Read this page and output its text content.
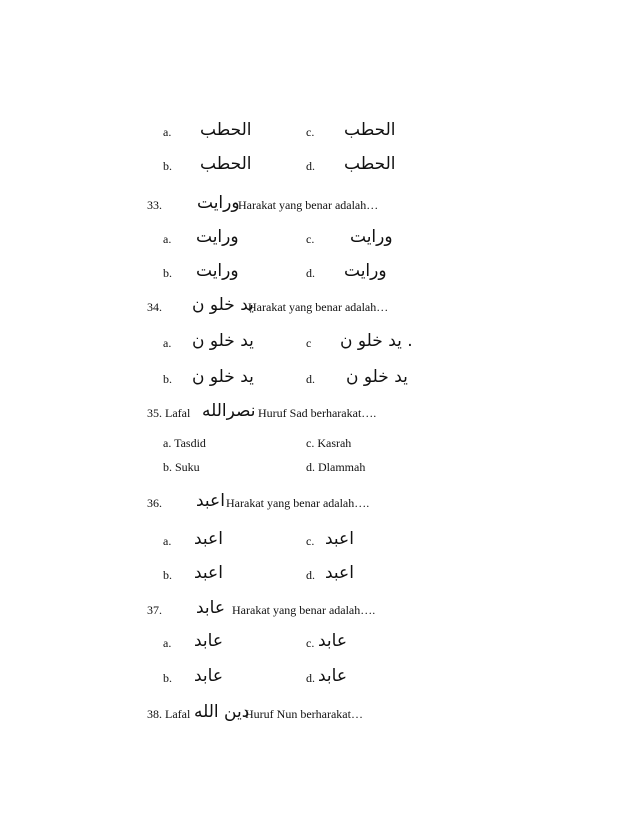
a. الحطب	c. الحطب
b. الحطب	d. الحطب
33. ورايت
Harakat yang benar adalah…
a. ورايت	c. ورايت
b. ورايت	d. ورايت
34. يد خلو ن
Harakat yang benar adalah…
a. يد خلو ن	c . يد خلو ن
b. يد خلو ن	d. يد خلو ن
35. Lafal نصرالله Huruf Sad berharakat….
a. Tasdid	c. Kasrah
b. Suku	d. Dlammah
36. اعبد Harakat yang benar adalah….
a. اعبد	c. اعبد
b. اعبد	d. اعبد
37. عابد Harakat yang benar adalah….
a. عابد	c. عابد
b. عابد	d. عابد
38. Lafal دين الله
Huruf Nun berharakat…
